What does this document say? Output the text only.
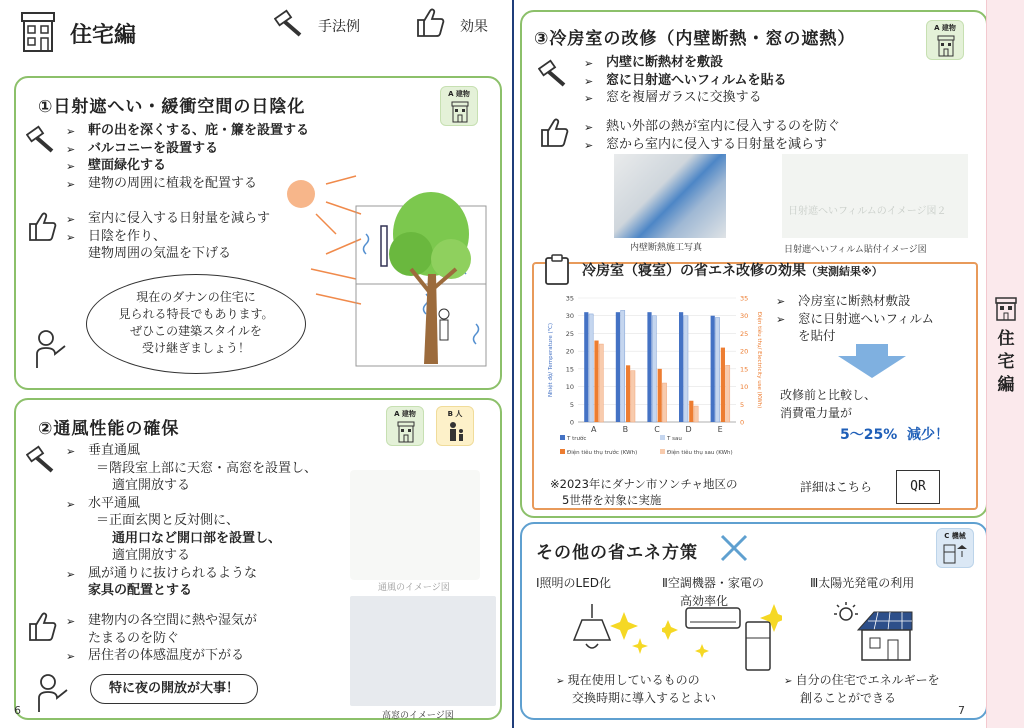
住宅編	手法例	効果
①日射遮へい・緩衝空間の日陰化
A 建物
➢ 軒の出を深くする、庇・簾を設置する
➢ バルコニーを設置する
➢ 壁面緑化する
➢ 建物の周囲に植栽を配置する
➢ 室内に侵入する日射量を減らす
➢ 日陰を作り、
建物周囲の気温を下げる
現在のダナンの住宅に
見られる特長でもあります。
ぜひこの建築スタイルを
受け継ぎましょう！
②通風性能の確保
A 建物	B 人
➢ 垂直通風
＝階段室上部に天窓・高窓を設置し、
適宜開放する
➢ 水平通風
＝正面玄関と反対側に、
通用口など開口部を設置し、
適宜開放する
➢ 風が通りに抜けられるような
家具の配置とする	通風のイメージ図
➢ 建物内の各空間に熱や湿気が
たまるのを防ぐ
➢ 居住者の体感温度が下がる
特に夜の開放が大事！
高窓のイメージ図
6
③冷房室の改修（内壁断熱・窓の遮熱）
A 建物
➢ 内壁に断熱材を敷設
➢ 窓に日射遮へいフィルムを貼る
➢ 窓を複層ガラスに交換する
➢ 熱い外部の熱が室内に侵入するのを防ぐ
➢ 窓から室内に侵入する日射量を減らす
内壁断熱施工写真
日射遮へいフィルムのイメージ図２
日射遮へいフィルム貼付イメージ図
冷房室（寝室）の省エネ改修の効果（実測結果※）
0	0
5	5
10	10
15	15
20	20
25	25
30	30
35	35
Nhiệt độ/ Temperature (℃)	Điện tiêu thụ/ Electricity use (KWh)
A	B	C	D	E
T trước	T sau
Điện tiêu thụ trước (KWh)	Điện tiêu thụ sau (KWh)
➢ 冷房室に断熱材敷設
➢ 窓に日射遮へいフィルム
を貼付
改修前と比較し、
消費電力量が
5～25%  減少！
※2023年にダナン市ソンチャ地区の
5世帯を対象に実施
詳細はこちら	QR
その他の省エネ方策
C 機械
Ⅰ照明のLED化	Ⅱ空調機器・家電の
高効率化
Ⅲ太陽光発電の利用
➢ 現在使用しているものの
交換時期に導入するとよい
➢ 自分の住宅でエネルギーを
創ることができる
7
住
宅
編
